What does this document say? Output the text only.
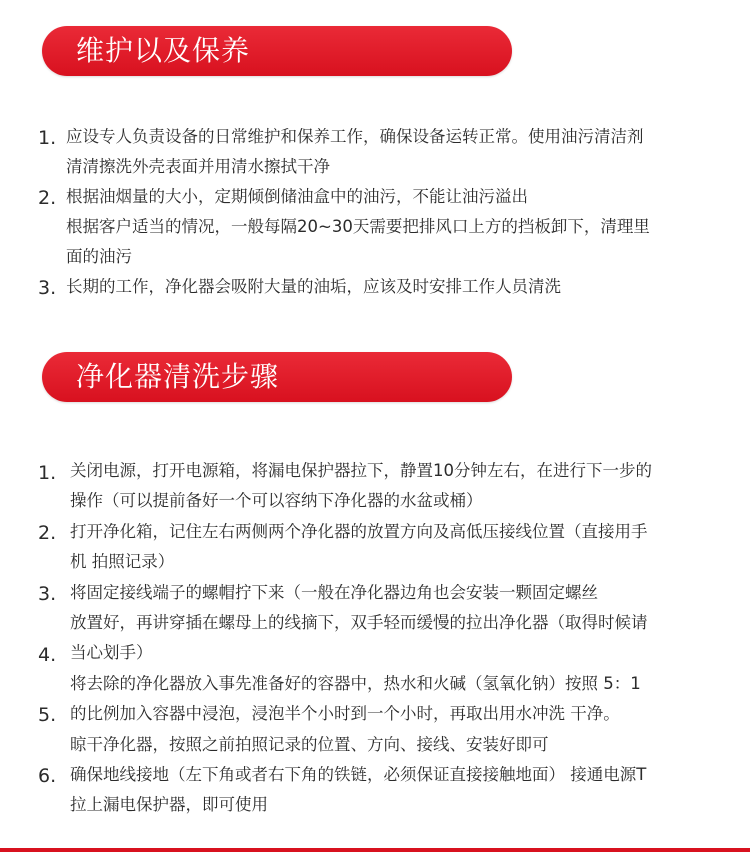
维护以及保养
1. 应设专人负责设备的日常维护和保养工作，确保设备运转正常。使用油污清洁剂
清清擦洗外壳表面并用清水擦拭干净
2. 根据油烟量的大小，定期倾倒储油盒中的油污，不能让油污溢出
根据客户适当的情况，一般每隔20~30天需要把排风口上方的挡板卸下，清理里
面的油污
3. 长期的工作，净化器会吸附大量的油垢，应该及时安排工作人员清洗
净化器清洗步骤
1.
2.
3.
4.
5.
6.
关闭电源，打开电源箱，将漏电保护器拉下，静置10分钟左右，在进行下一步的
操作（可以提前备好一个可以容纳下净化器的水盆或桶）
打开净化箱，记住左右两侧两个净化器的放置方向及高低压接线位置（直接用手
机 拍照记录）
将固定接线端子的螺帽拧下来（一般在净化器边角也会安装一颗固定螺丝
放置好，再讲穿插在螺母上的线摘下，双手轻而缓慢的拉出净化器（取得时候请
当心划手）
将去除的净化器放入事先准备好的容器中，热水和火碱（氢氧化钠）按照 5：1
的比例加入容器中浸泡，浸泡半个小时到一个小时，再取出用水冲洗 干净。
晾干净化器，按照之前拍照记录的位置、方向、接线、安装好即可
确保地线接地（左下角或者右下角的铁链，必须保证直接接触地面） 接通电源T
拉上漏电保护器，即可使用
